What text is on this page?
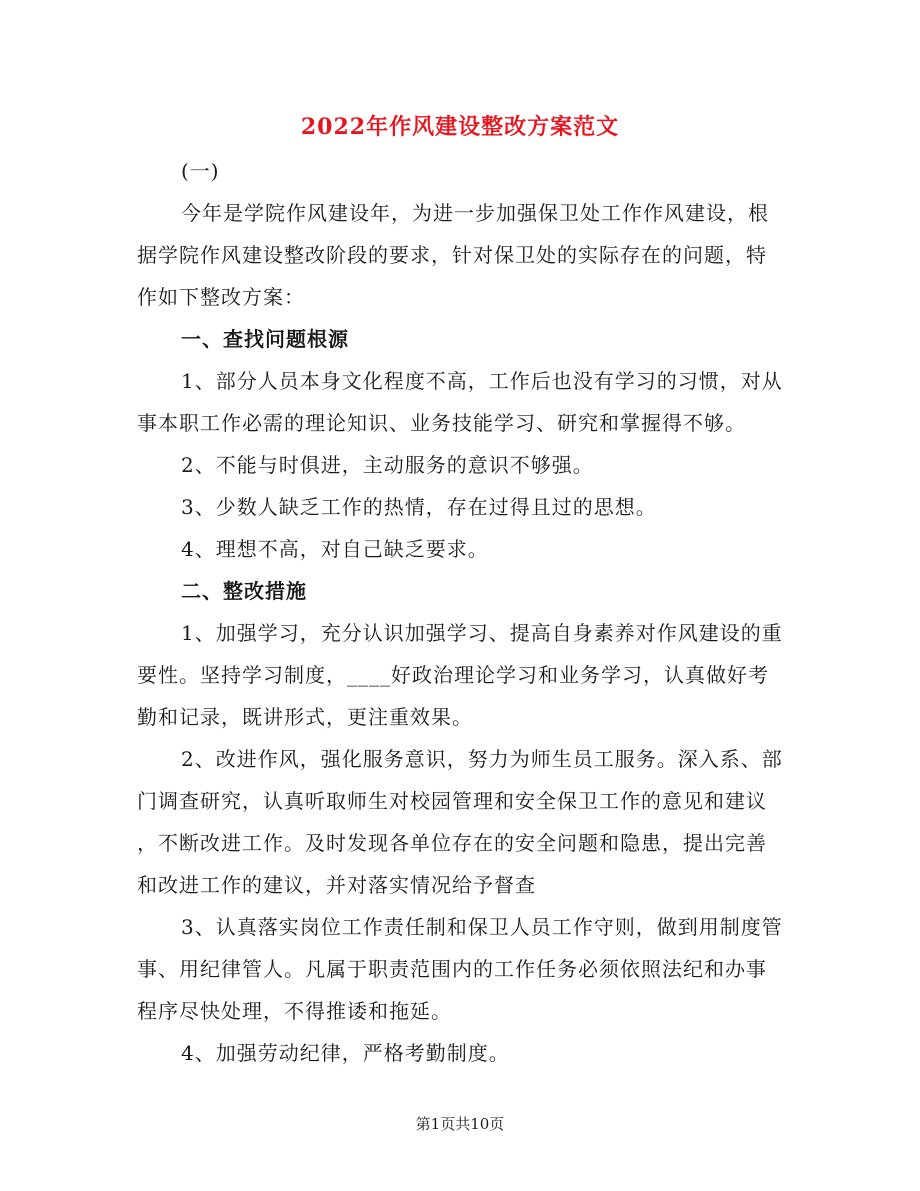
2022年作风建设整改方案范文
(一)
今年是学院作风建设年，为进一步加强保卫处工作作风建设，根
据学院作风建设整改阶段的要求，针对保卫处的实际存在的问题，特
作如下整改方案：
一、查找问题根源
1、部分人员本身文化程度不高，工作后也没有学习的习惯，对从
事本职工作必需的理论知识、业务技能学习、研究和掌握得不够。
2、不能与时俱进，主动服务的意识不够强。
3、少数人缺乏工作的热情，存在过得且过的思想。
4、理想不高，对自己缺乏要求。
二、整改措施
1、加强学习，充分认识加强学习、提高自身素养对作风建设的重
要性。坚持学习制度，____好政治理论学习和业务学习，认真做好考
勤和记录，既讲形式，更注重效果。
2、改进作风，强化服务意识，努力为师生员工服务。深入系、部
门调查研究，认真听取师生对校园管理和安全保卫工作的意见和建议
，不断改进工作。及时发现各单位存在的安全问题和隐患，提出完善
和改进工作的建议，并对落实情况给予督查
3、认真落实岗位工作责任制和保卫人员工作守则，做到用制度管
事、用纪律管人。凡属于职责范围内的工作任务必须依照法纪和办事
程序尽快处理，不得推诿和拖延。
4、加强劳动纪律，严格考勤制度。
第1页共10页
